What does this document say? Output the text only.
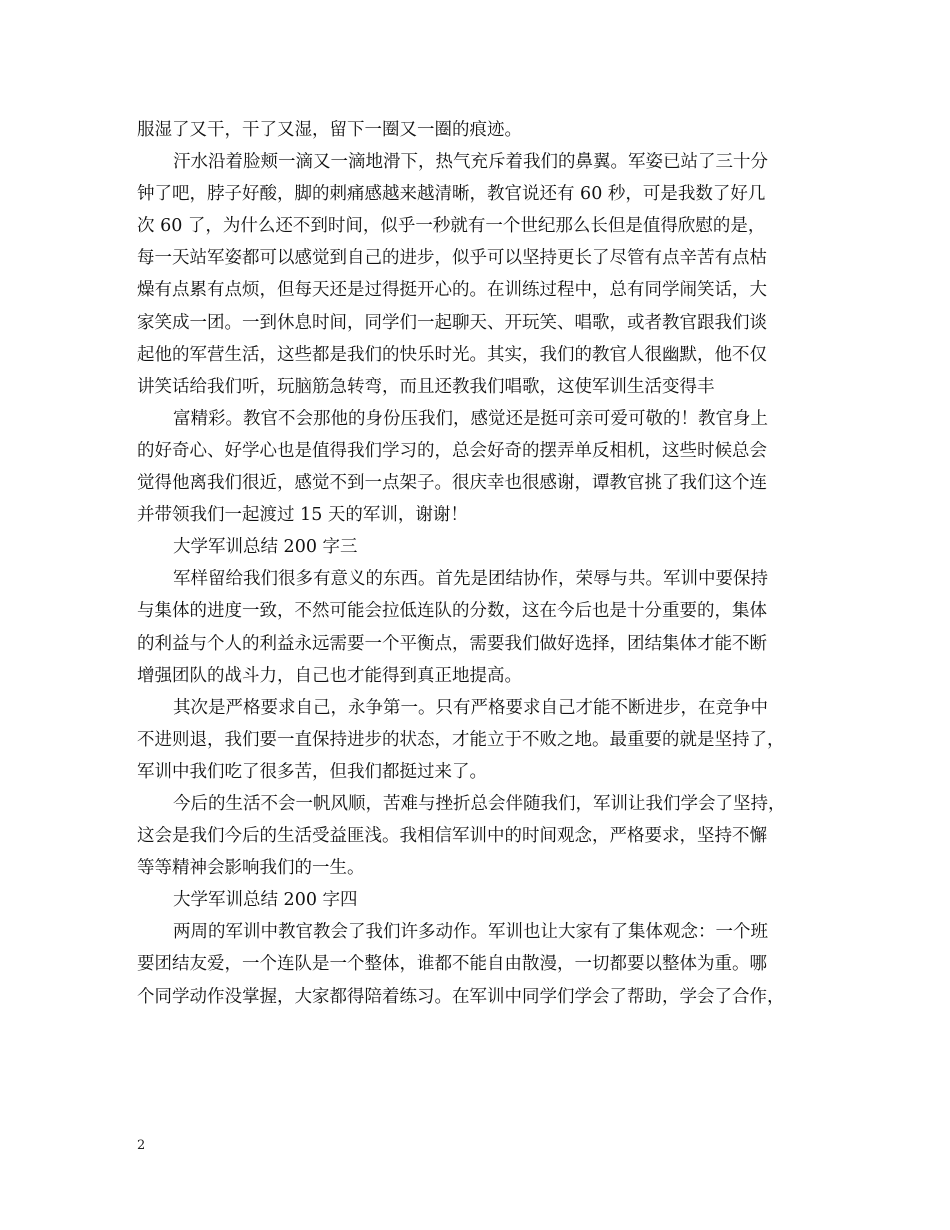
服湿了又干，干了又湿，留下一圈又一圈的痕迹。
汗水沿着脸颊一滴又一滴地滑下，热气充斥着我们的鼻翼。军姿已站了三十分
钟了吧，脖子好酸，脚的刺痛感越来越清晰，教官说还有 60 秒，可是我数了好几
次 60 了，为什么还不到时间，似乎一秒就有一个世纪那么长但是值得欣慰的是，
每一天站军姿都可以感觉到自己的进步，似乎可以坚持更长了尽管有点辛苦有点枯
燥有点累有点烦，但每天还是过得挺开心的。在训练过程中，总有同学闹笑话，大
家笑成一团。一到休息时间，同学们一起聊天、开玩笑、唱歌，或者教官跟我们谈
起他的军营生活，这些都是我们的快乐时光。其实，我们的教官人很幽默，他不仅
讲笑话给我们听，玩脑筋急转弯，而且还教我们唱歌，这使军训生活变得丰
富精彩。教官不会那他的身份压我们，感觉还是挺可亲可爱可敬的！教官身上
的好奇心、好学心也是值得我们学习的，总会好奇的摆弄单反相机，这些时候总会
觉得他离我们很近，感觉不到一点架子。很庆幸也很感谢，谭教官挑了我们这个连
并带领我们一起渡过 15 天的军训，谢谢！
大学军训总结 200 字三
军样留给我们很多有意义的东西。首先是团结协作，荣辱与共。军训中要保持
与集体的进度一致，不然可能会拉低连队的分数，这在今后也是十分重要的，集体
的利益与个人的利益永远需要一个平衡点，需要我们做好选择，团结集体才能不断
增强团队的战斗力，自己也才能得到真正地提高。
其次是严格要求自己，永争第一。只有严格要求自己才能不断进步，在竞争中
不进则退，我们要一直保持进步的状态，才能立于不败之地。最重要的就是坚持了，
军训中我们吃了很多苦，但我们都挺过来了。
今后的生活不会一帆风顺，苦难与挫折总会伴随我们，军训让我们学会了坚持，
这会是我们今后的生活受益匪浅。我相信军训中的时间观念，严格要求，坚持不懈
等等精神会影响我们的一生。
大学军训总结 200 字四
两周的军训中教官教会了我们许多动作。军训也让大家有了集体观念：一个班
要团结友爱，一个连队是一个整体，谁都不能自由散漫，一切都要以整体为重。哪
个同学动作没掌握，大家都得陪着练习。在军训中同学们学会了帮助，学会了合作，
2
